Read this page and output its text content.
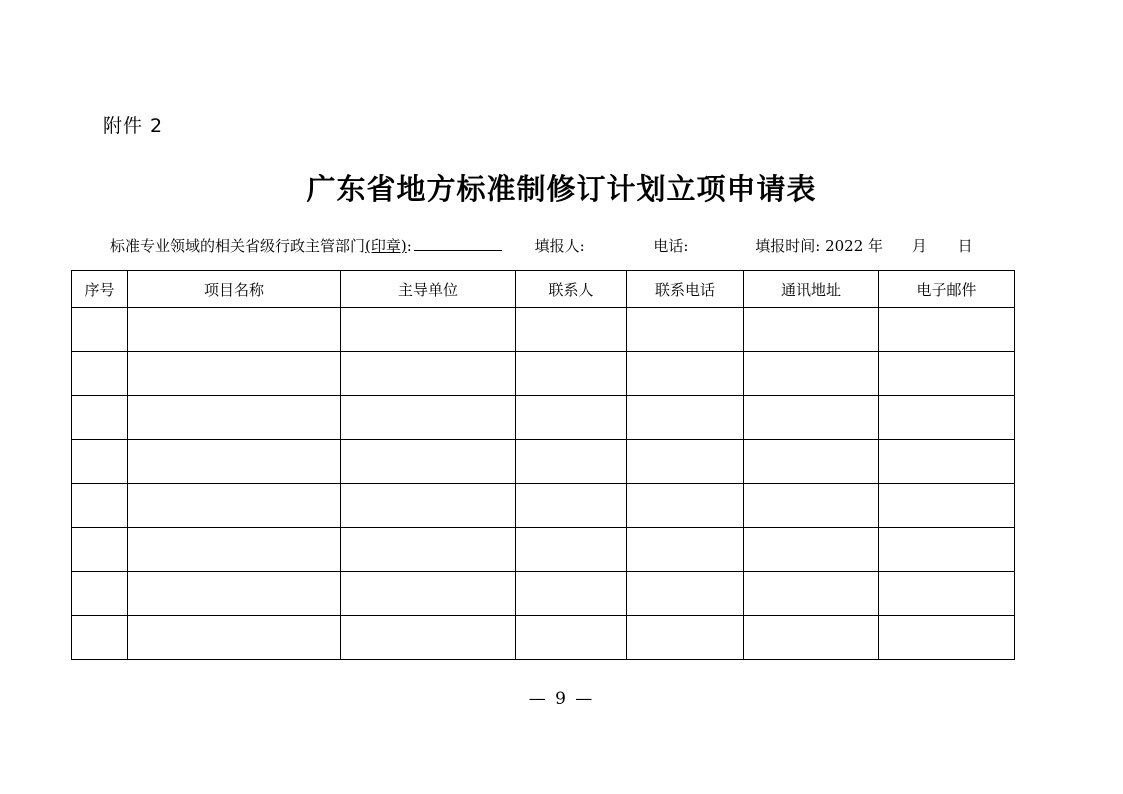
附件 2
广东省地方标准制修订计划立项申请表
标准专业领域的相关省级行政主管部门(印章):	填报人:	电话:	填报时间: 2022 年 月 日
序号	项目名称	主导单位	联系人	联系电话	通讯地址	电子邮件

— 9 —
